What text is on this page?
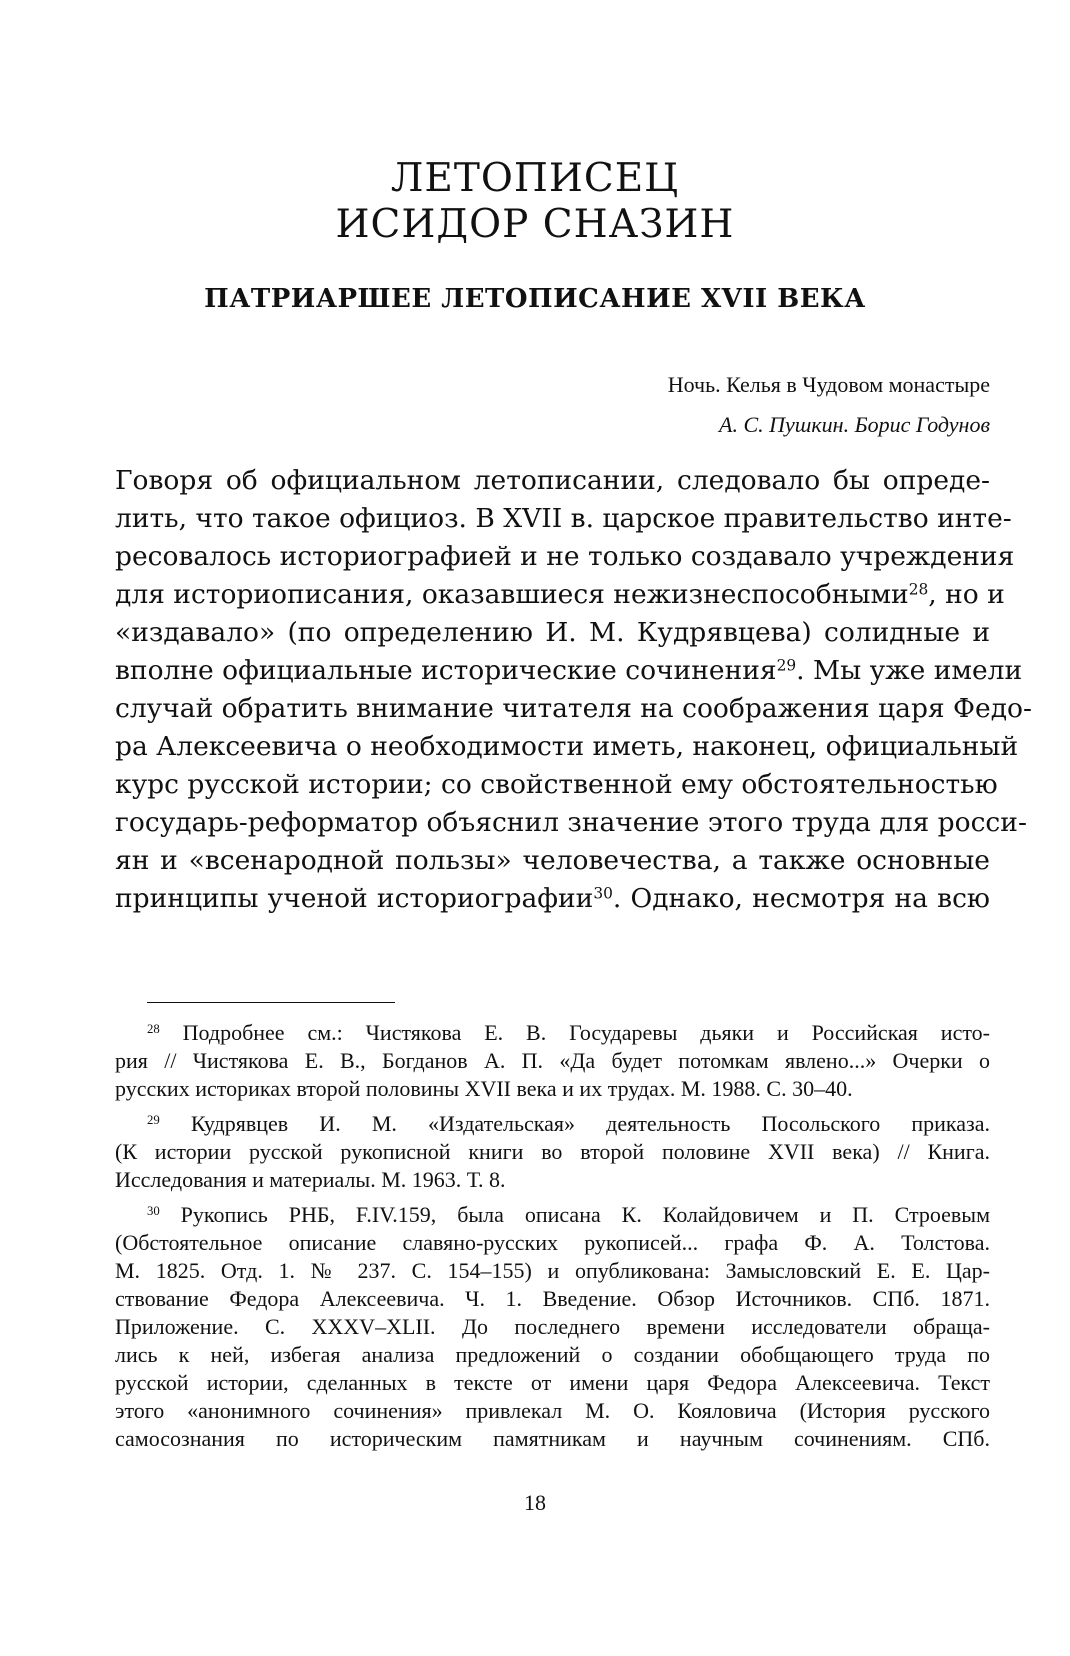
ЛЕТОПИСЕЦ
ИСИДОР СНАЗИН
ПАТРИАРШЕЕ ЛЕТОПИСАНИЕ XVII ВЕКА

Ночь. Келья в Чудовом монастыре

А. С. Пушкин. Борис Годунов

Говоря об официальном летописании, следовало бы опреде-

лить, что такое официоз. В XVII в. царское правительство инте-

ресовалось историографией и не только создавало учреждения

для историописания, оказавшиеся нежизнеспособными$^{28}$, но и

«издавало» (по определению И. М. Кудрявцева) солидные и

вполне официальные исторические сочинения$^{29}$. Мы уже имели

случай обратить внимание читателя на соображения царя Федо-

ра Алексеевича о необходимости иметь, наконец, официальный

курс русской истории; со свойственной ему обстоятельностью

государь-реформатор объяснил значение этого труда для росси-

ян и «всенародной пользы» человечества, а также основные

принципы ученой историографии$^{30}$. Однако, несмотря на всю

$^{28}$ Подробнее см.: Чистякова Е. В. Государевы дьяки и Российская исто-

рия // Чистякова Е. В., Богданов А. П. «Да будет потомкам явлено...» Очерки о

русских историках второй половины XVII века и их трудах. М. 1988. С. 30–40.

$^{29}$ Кудрявцев И. М. «Издательская» деятельность Посольского приказа.

(К истории русской рукописной книги во второй половине XVII века) // Книга.

Исследования и материалы. М. 1963. Т. 8.

$^{30}$ Рукопись РНБ, F.IV.159, была описана К. Колайдовичем и П. Строевым

(Обстоятельное описание славяно-русских рукописей... графа Ф. А. Толстова.

М. 1825. Отд. 1. № 237. С. 154–155) и опубликована: Замысловский Е. Е. Цар-

ствование Федора Алексеевича. Ч. 1. Введение. Обзор Источников. СПб. 1871.

Приложение. С. XXXV–XLII. До последнего времени исследователи обраща-

лись к ней, избегая анализа предложений о создании обобщающего труда по

русской истории, сделанных в тексте от имени царя Федора Алексеевича. Текст

этого «анонимного сочинения» привлекал М. О. Кояловича (История русского

самосознания по историческим памятникам и научным сочинениям. СПб.

18
